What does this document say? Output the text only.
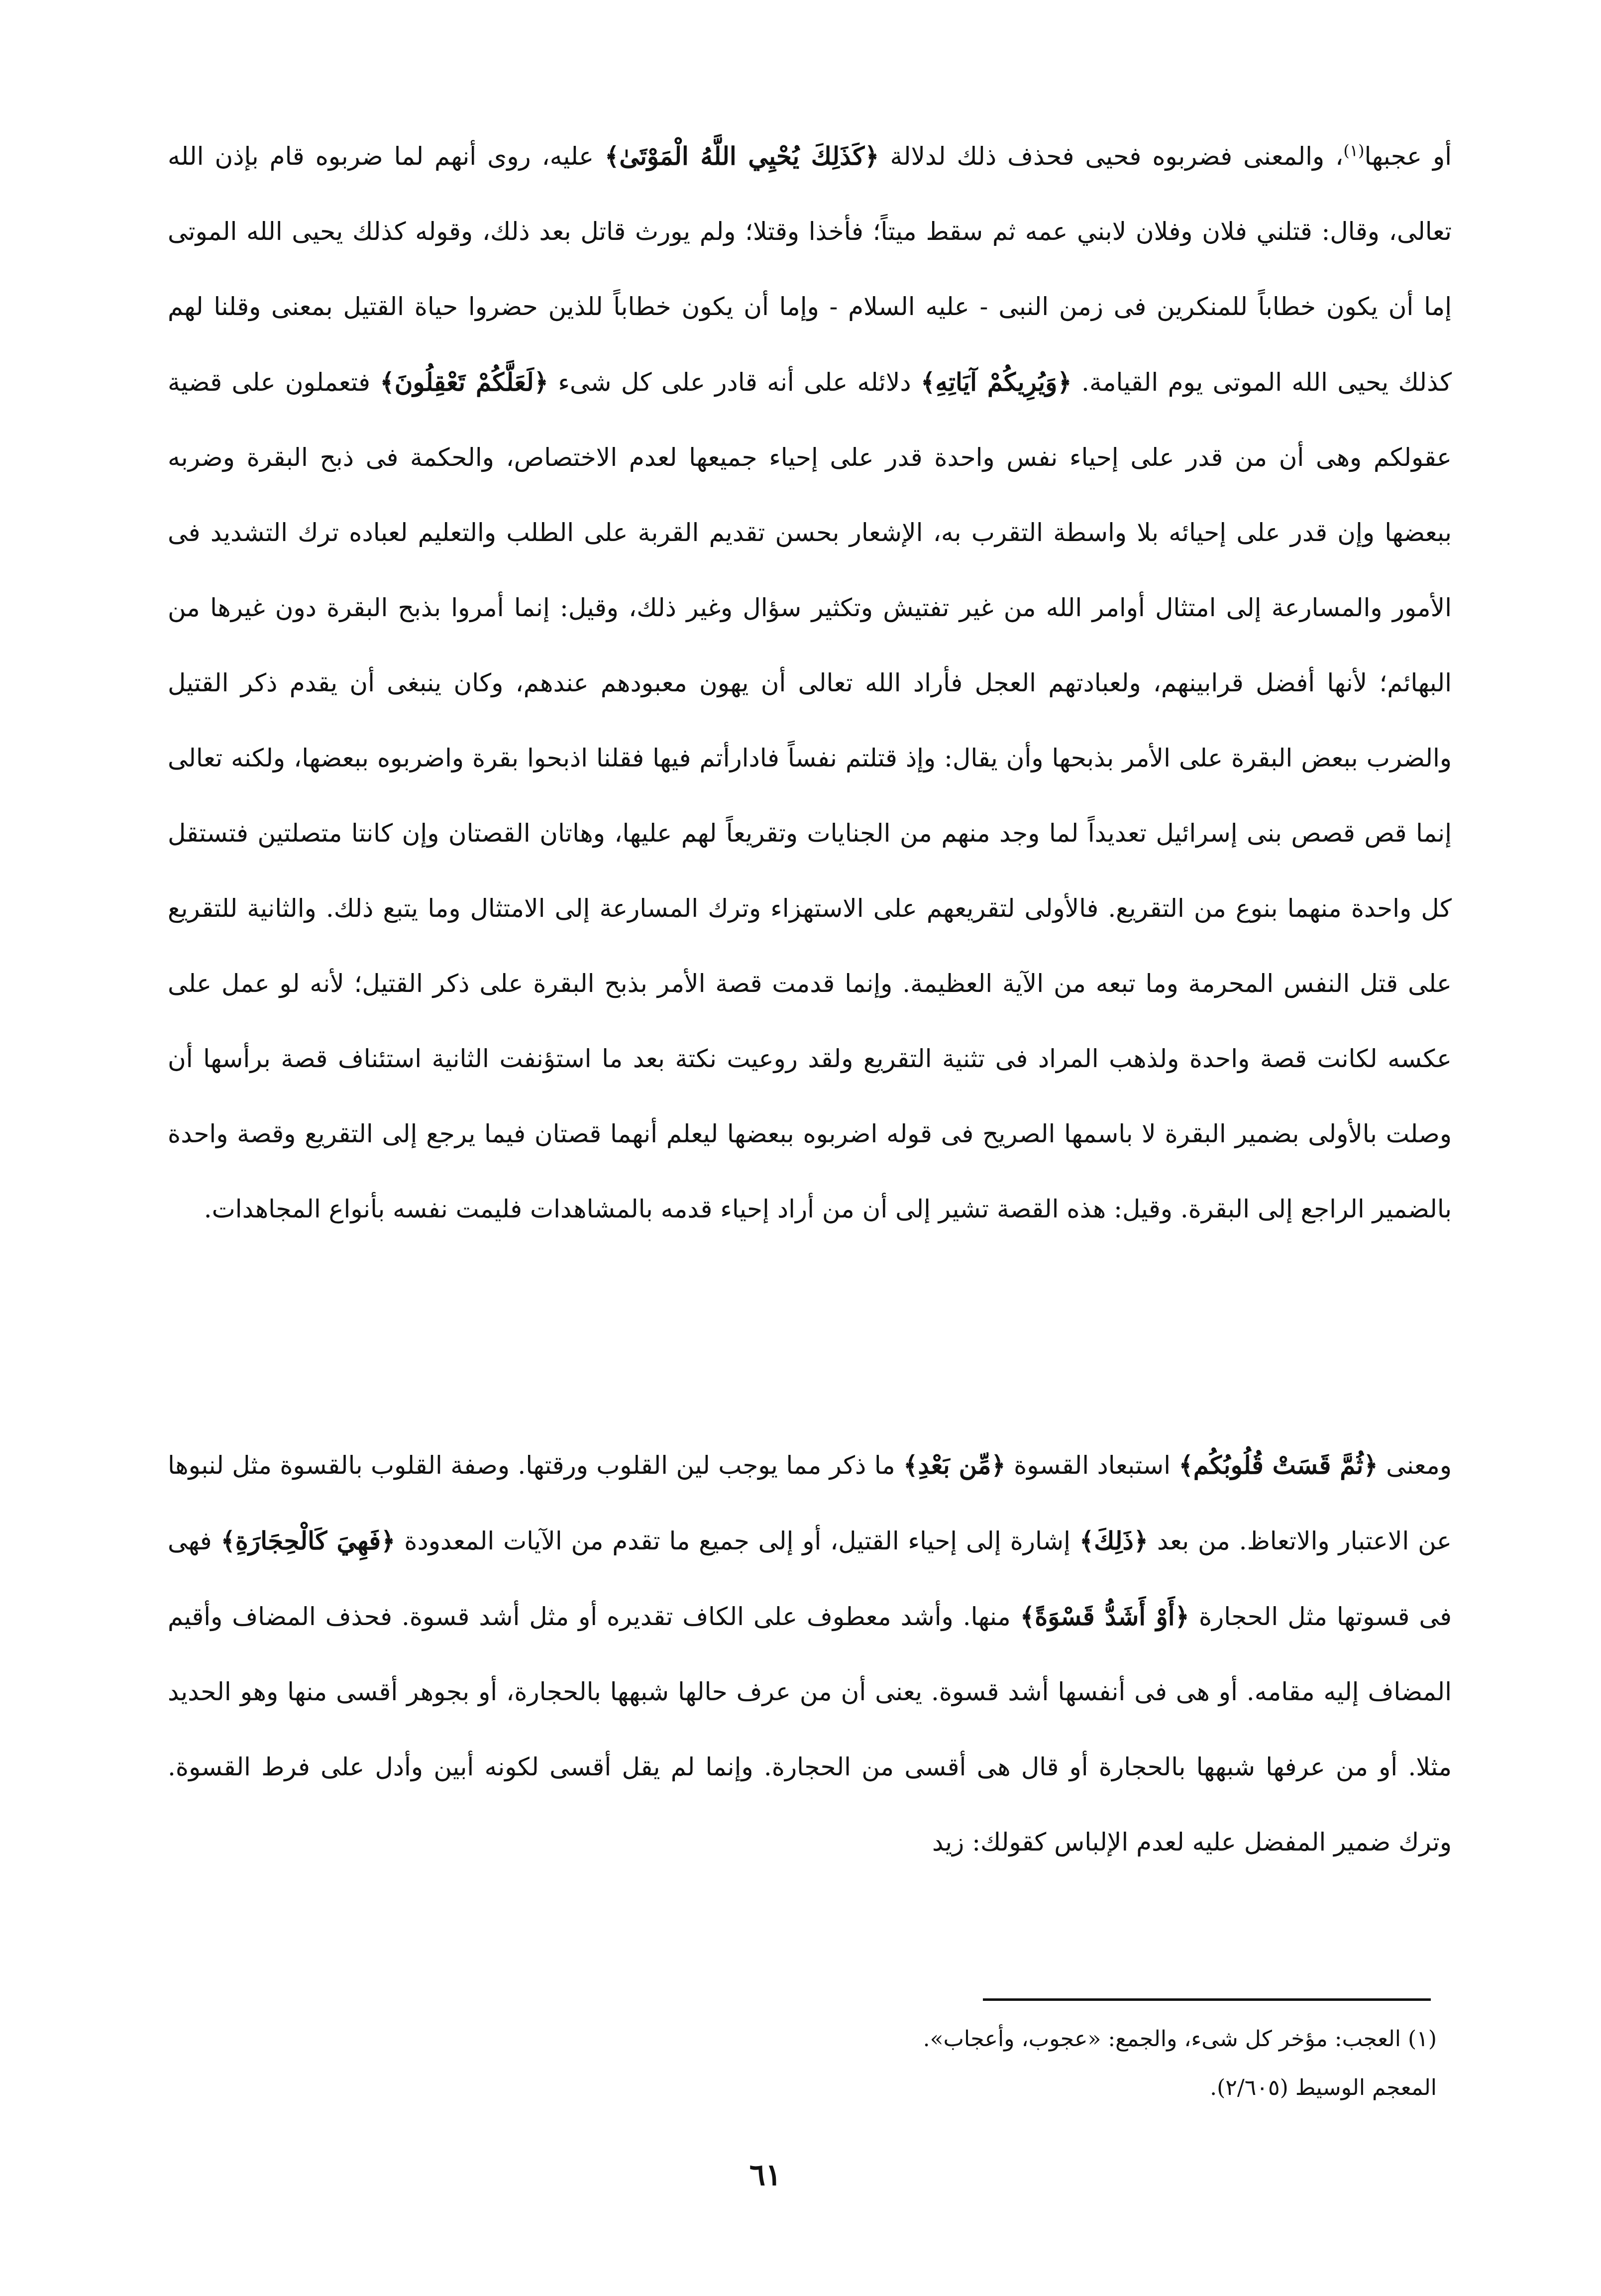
أو عجبها$^{(١)}$، والمعنى فضربوه فحيى فحذف ذلك لدلالة ﴿كَذَلِكَ يُحْيِي اللَّهُ الْمَوْتَىٰ﴾ عليه، روى أنهم لما ضربوه قام بإذن الله تعالى، وقال: قتلني فلان وفلان لابني عمه ثم سقط ميتاً؛ فأخذا وقتلا؛ ولم يورث قاتل بعد ذلك، وقوله كذلك يحيى الله الموتى إما أن يكون خطاباً للمنكرين فى زمن النبى - عليه السلام - وإما أن يكون خطاباً للذين حضروا حياة القتيل بمعنى وقلنا لهم كذلك يحيى الله الموتى يوم القيامة. ﴿وَيُرِيكُمْ آيَاتِهِ﴾ دلائله على أنه قادر على كل شىء ﴿لَعَلَّكُمْ تَعْقِلُونَ﴾ فتعملون على قضية عقولكم وهى أن من قدر على إحياء نفس واحدة قدر على إحياء جميعها لعدم الاختصاص، والحكمة فى ذبح البقرة وضربه ببعضها وإن قدر على إحيائه بلا واسطة التقرب به، الإشعار بحسن تقديم القربة على الطلب والتعليم لعباده ترك التشديد فى الأمور والمسارعة إلى امتثال أوامر الله من غير تفتيش وتكثير سؤال وغير ذلك، وقيل: إنما أمروا بذبح البقرة دون غيرها من البهائم؛ لأنها أفضل قرابينهم، ولعبادتهم العجل فأراد الله تعالى أن يهون معبودهم عندهم، وكان ينبغى أن يقدم ذكر القتيل والضرب ببعض البقرة على الأمر بذبحها وأن يقال: وإذ قتلتم نفساً فادارأتم فيها فقلنا اذبحوا بقرة واضربوه ببعضها، ولكنه تعالى إنما قص قصص بنى إسرائيل تعديداً لما وجد منهم من الجنايات وتقريعاً لهم عليها، وهاتان القصتان وإن كانتا متصلتين فتستقل كل واحدة منهما بنوع من التقريع. فالأولى لتقريعهم على الاستهزاء وترك المسارعة إلى الامتثال وما يتبع ذلك. والثانية للتقريع على قتل النفس المحرمة وما تبعه من الآية العظيمة. وإنما قدمت قصة الأمر بذبح البقرة على ذكر القتيل؛ لأنه لو عمل على عكسه لكانت قصة واحدة ولذهب المراد فى تثنية التقريع ولقد روعيت نكتة بعد ما استؤنفت الثانية استئناف قصة برأسها أن وصلت بالأولى بضمير البقرة لا باسمها الصريح فى قوله اضربوه ببعضها ليعلم أنهما قصتان فيما يرجع إلى التقريع وقصة واحدة بالضمير الراجع إلى البقرة. وقيل: هذه القصة تشير إلى أن من أراد إحياء قدمه بالمشاهدات فليمت نفسه بأنواع المجاهدات.

ومعنى ﴿ثُمَّ قَسَتْ قُلُوبُكُم﴾ استبعاد القسوة ﴿مِّن بَعْدِ﴾ ما ذكر مما يوجب لين القلوب ورقتها. وصفة القلوب بالقسوة مثل لنبوها عن الاعتبار والاتعاظ. من بعد ﴿ذَلِكَ﴾ إشارة إلى إحياء القتيل، أو إلى جميع ما تقدم من الآيات المعدودة ﴿فَهِيَ كَالْحِجَارَةِ﴾ فهى فى قسوتها مثل الحجارة ﴿أَوْ أَشَدُّ قَسْوَةً﴾ منها. وأشد معطوف على الكاف تقديره أو مثل أشد قسوة. فحذف المضاف وأقيم المضاف إليه مقامه. أو هى فى أنفسها أشد قسوة. يعنى أن من عرف حالها شبهها بالحجارة، أو بجوهر أقسى منها وهو الحديد مثلا. أو من عرفها شبهها بالحجارة أو قال هى أقسى من الحجارة. وإنما لم يقل أقسى لكونه أبين وأدل على فرط القسوة. وترك ضمير المفضل عليه لعدم الإلباس كقولك: زيد

(١) العجب: مؤخر كل شىء، والجمع: «عجوب، وأعجاب».

المعجم الوسيط (٢/٦٠٥).

٦١
